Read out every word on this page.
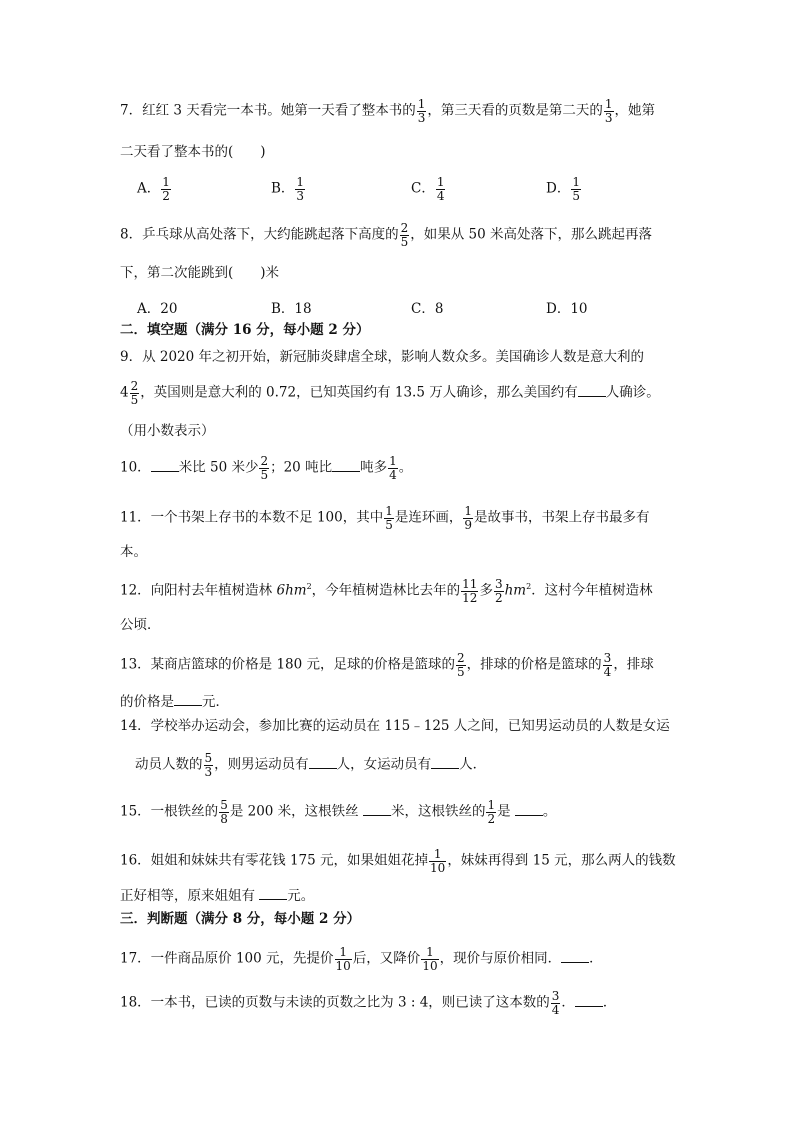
7．红红 3 天看完一本书。她第一天看了整本书的 $\frac{1}{3}$ ，第三天看的页数是第二天的 $\frac{1}{3}$ ，她第
二天看了整本书的(　　)
A． $\frac{1}{2}$	B． $\frac{1}{3}$	C． $\frac{1}{4}$	D． $\frac{1}{5}$
8．乒乓球从高处落下，大约能跳起落下高度的 $\frac{2}{5}$ ，如果从 50 米高处落下，那么跳起再落
下，第二次能跳到(　　)米
A．20	B．18	C．8	D．10
二．填空题（满分 16 分，每小题 2 分）
9．从 2020 年之初开始，新冠肺炎肆虐全球，影响人数众多。美国确诊人数是意大利的
$4 \frac{2}{5}$ ，英国则是意大利的 0.72，已知英国约有 13.5 万人确诊，那么美国约有 人确诊。
（用小数表示）
10． 米比 50 米少 $\frac{2}{5}$ ；20 吨比 吨多 $\frac{1}{4}$ 。
11．一个书架上存书的本数不足 100，其中 $\frac{1}{5}$ 是连环画， $\frac{1}{9}$ 是故事书，书架上存书最多有
本。
12．向阳村去年植树造林 $6hm^2$，今年植树造林比去年的 $\frac{11}{12}$ 多 $\frac{3}{2} hm^2$．这村今年植树造林
公顷．
13．某商店篮球的价格是 180 元，足球的价格是篮球的 $\frac{2}{5}$ ，排球的价格是篮球的 $\frac{3}{4}$ ，排球
的价格是 元．
14．学校举办运动会，参加比赛的运动员在 115﹣125 人之间，已知男运动员的人数是女运
动员人数的 $\frac{5}{3}$ ，则男运动员有 人，女运动员有 人．
15．一根铁丝的 $\frac{5}{8}$ 是 200 米，这根铁丝 米，这根铁丝的 $\frac{1}{2}$ 是 。
16．姐姐和妹妹共有零花钱 175 元，如果姐姐花掉 $\frac{1}{10}$ ，妹妹再得到 15 元，那么两人的钱数
正好相等，原来姐姐有 元。
三．判断题（满分 8 分，每小题 2 分）
17．一件商品原价 100 元，先提价 $\frac{1}{10}$ 后，又降价 $\frac{1}{10}$ ，现价与原价相同． ．
18．一本书，已读的页数与未读的页数之比为 3 : 4，则已读了这本数的 $\frac{3}{4}$ ． ．
